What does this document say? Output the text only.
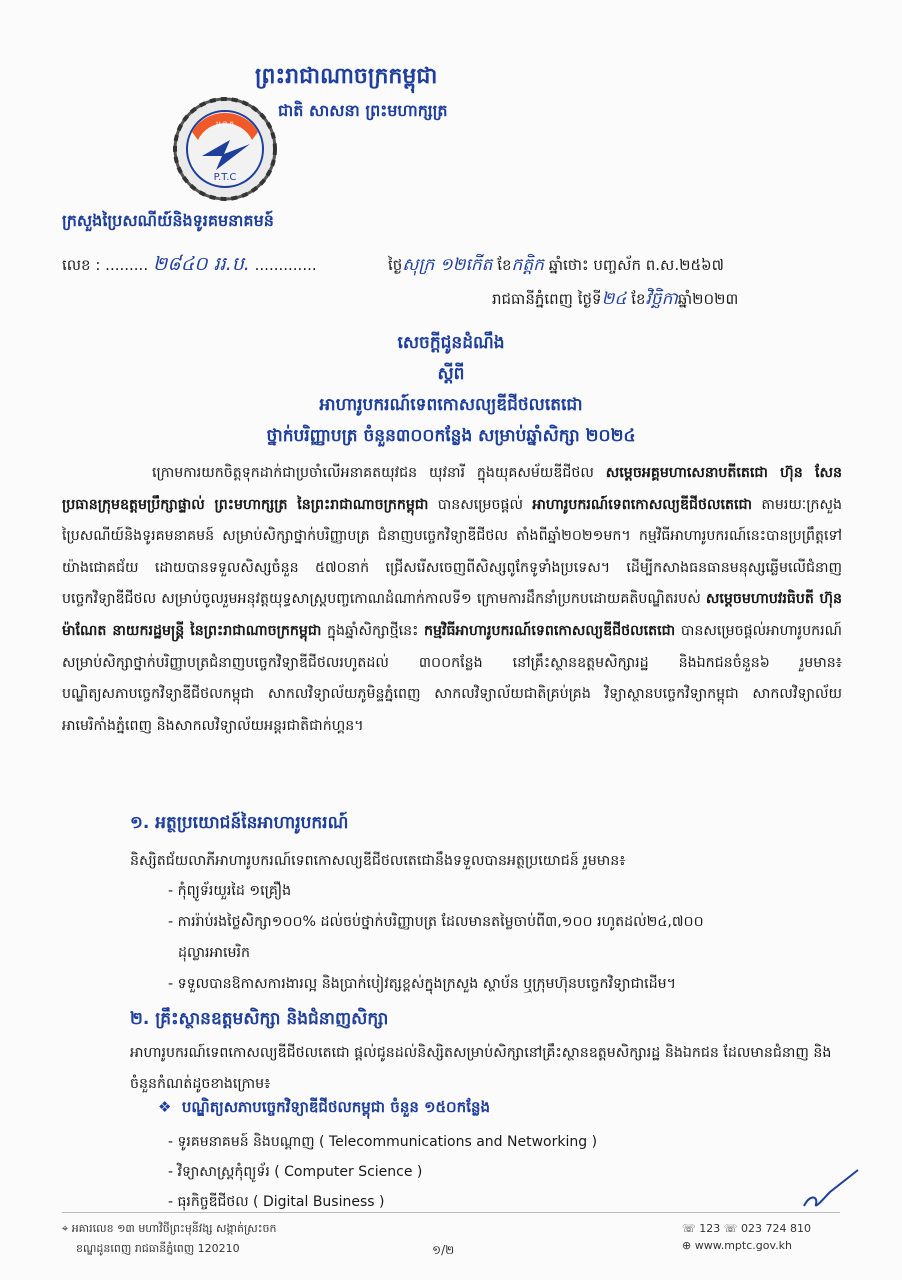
ព្រះរាជាណាចក្រកម្ពុជា
ជាតិ សាសនា ព្រះមហាក្សត្រ
P.T.C
ប.ព.ក
ក្រសួងប្រៃសណីយ៍និងទូរគមនាគមន៍
លេខ : ......... ២៨៤០ ររ.ប. .............	ថ្ងៃសុក្រ ១២កើត ខែកត្តិក ឆ្នាំថោះ បញ្ចស័ក ព.ស.២៥៦៧
រាជធានីភ្នំពេញ ថ្ងៃទី២៤ ខែវិច្ឆិកាឆ្នាំ២០២៣
សេចក្តីជូនដំណឹង
ស្តីពី
អាហារូបករណ៍ទេពកោសល្យឌីជីថលតេជោ
ថ្នាក់បរិញ្ញាបត្រ ចំនួន៣០០កន្លែង សម្រាប់ឆ្នាំសិក្សា ២០២៤
ក្រោមការយកចិត្តទុកដាក់ជាប្រចាំលើអនាគតយុវជន យុវនារី ក្នុងយុគសម័យឌីជីថល សម្តេចអគ្គមហាសេនាបតីតេជោ ហ៊ុន សែន ប្រធានក្រុមឧត្តមប្រឹក្សាផ្ទាល់ ព្រះមហាក្សត្រ នៃព្រះរាជាណាចក្រកម្ពុជា បានសម្រេចផ្តល់ អាហារូបករណ៍ទេពកោសល្យឌីជីថលតេជោ តាមរយៈក្រសួងប្រៃសណីយ៍និងទូរគមនាគមន៍ សម្រាប់សិក្សាថ្នាក់បរិញ្ញាបត្រ ជំនាញបច្ចេកវិទ្យាឌីជីថល តាំងពីឆ្នាំ២០២១មក។ កម្មវិធីអាហារូបករណ៍នេះបានប្រព្រឹត្តទៅយ៉ាងជោគជ័យ ដោយបានទទួលសិស្សចំនួន ៥៧០នាក់ ជ្រើសរើសចេញពីសិស្សពូកែទូទាំងប្រទេស។ ដើម្បីកសាងធនធានមនុស្សឆ្លើមលើជំនាញបច្ចេកវិទ្យាឌីជីថល សម្រាប់ចូលរួមអនុវត្តយុទ្ធសាស្ត្របញ្ចកោណដំណាក់កាលទី១ ក្រោមការដឹកនាំប្រកបដោយគតិបណ្ឌិតរបស់ សម្តេចមហាបវរធិបតី ហ៊ុន ម៉ាណែត នាយករដ្ឋមន្ត្រី នៃព្រះរាជាណាចក្រកម្ពុជា ក្នុងឆ្នាំសិក្សាថ្មីនេះ កម្មវិធីអាហារូបករណ៍ទេពកោសល្យឌីជីថលតេជោ បានសម្រេចផ្តល់អាហារូបករណ៍សម្រាប់សិក្សាថ្នាក់បរិញ្ញាបត្រជំនាញបច្ចេកវិទ្យាឌីជីថលរហូតដល់ ៣០០កន្លែង នៅគ្រឹះស្ថានឧត្តមសិក្សារដ្ឋ និងឯកជនចំនួន៦ រួមមាន៖ បណ្ឌិត្យសភាបច្ចេកវិទ្យាឌីជីថលកម្ពុជា សាកលវិទ្យាល័យភូមិន្ទភ្នំពេញ សាកលវិទ្យាល័យជាតិគ្រប់គ្រង វិទ្យាស្ថានបច្ចេកវិទ្យាកម្ពុជា សាកលវិទ្យាល័យអាមេរិកាំងភ្នំពេញ និងសាកលវិទ្យាល័យអន្តរជាតិជាក់ហ្គន។
១. អត្ថប្រយោជន៍នៃអាហារូបករណ៍
និស្សិតជ័យលាភីអាហារូបករណ៍ទេពកោសល្យឌីជីថលតេជោនឹងទទួលបានអត្ថប្រយោជន៍ រួមមាន៖
- កុំព្យូទ័រយួរដៃ ១គ្រឿង
- ការរ៉ាប់រងថ្លៃសិក្សា១០០% ដល់ចប់ថ្នាក់បរិញ្ញាបត្រ ដែលមានតម្លៃចាប់ពី៣,១០០ រហូតដល់២៤,៧០០
ដុល្លារអាមេរិក
- ទទួលបានឱកាសការងារល្អ និងប្រាក់បៀវត្សខ្ពស់ក្នុងក្រសួង ស្ថាប័ន ឬក្រុមហ៊ុនបច្ចេកវិទ្យាជាដើម។
២. គ្រឹះស្ថានឧត្តមសិក្សា និងជំនាញសិក្សា
អាហារូបករណ៍ទេពកោសល្យឌីជីថលតេជោ ផ្តល់ជូនដល់និស្សិតសម្រាប់សិក្សានៅគ្រឹះស្ថានឧត្តមសិក្សារដ្ឋ និងឯកជន ដែលមានជំនាញ និងចំនួនកំណត់ដូចខាងក្រោម៖
❖  បណ្ឌិត្យសភាបច្ចេកវិទ្យាឌីជីថលកម្ពុជា ចំនួន ១៥០កន្លែង
- ទូរគមនាគមន៍ និងបណ្តាញ ( Telecommunications and Networking )
- វិទ្យាសាស្ត្រកុំព្យូទ័រ ( Computer Science )
- ធុរកិច្ចឌីជីថល ( Digital Business )
⌖ អគារលេខ ១៣ មហាវិថីព្រះមុនីវង្ស សង្កាត់ស្រះចក
ខណ្ឌដូនពេញ រាជធានីភ្នំពេញ 120210	១/២
☏ 123 ☏ 023 724 810
⊕ www.mptc.gov.kh
